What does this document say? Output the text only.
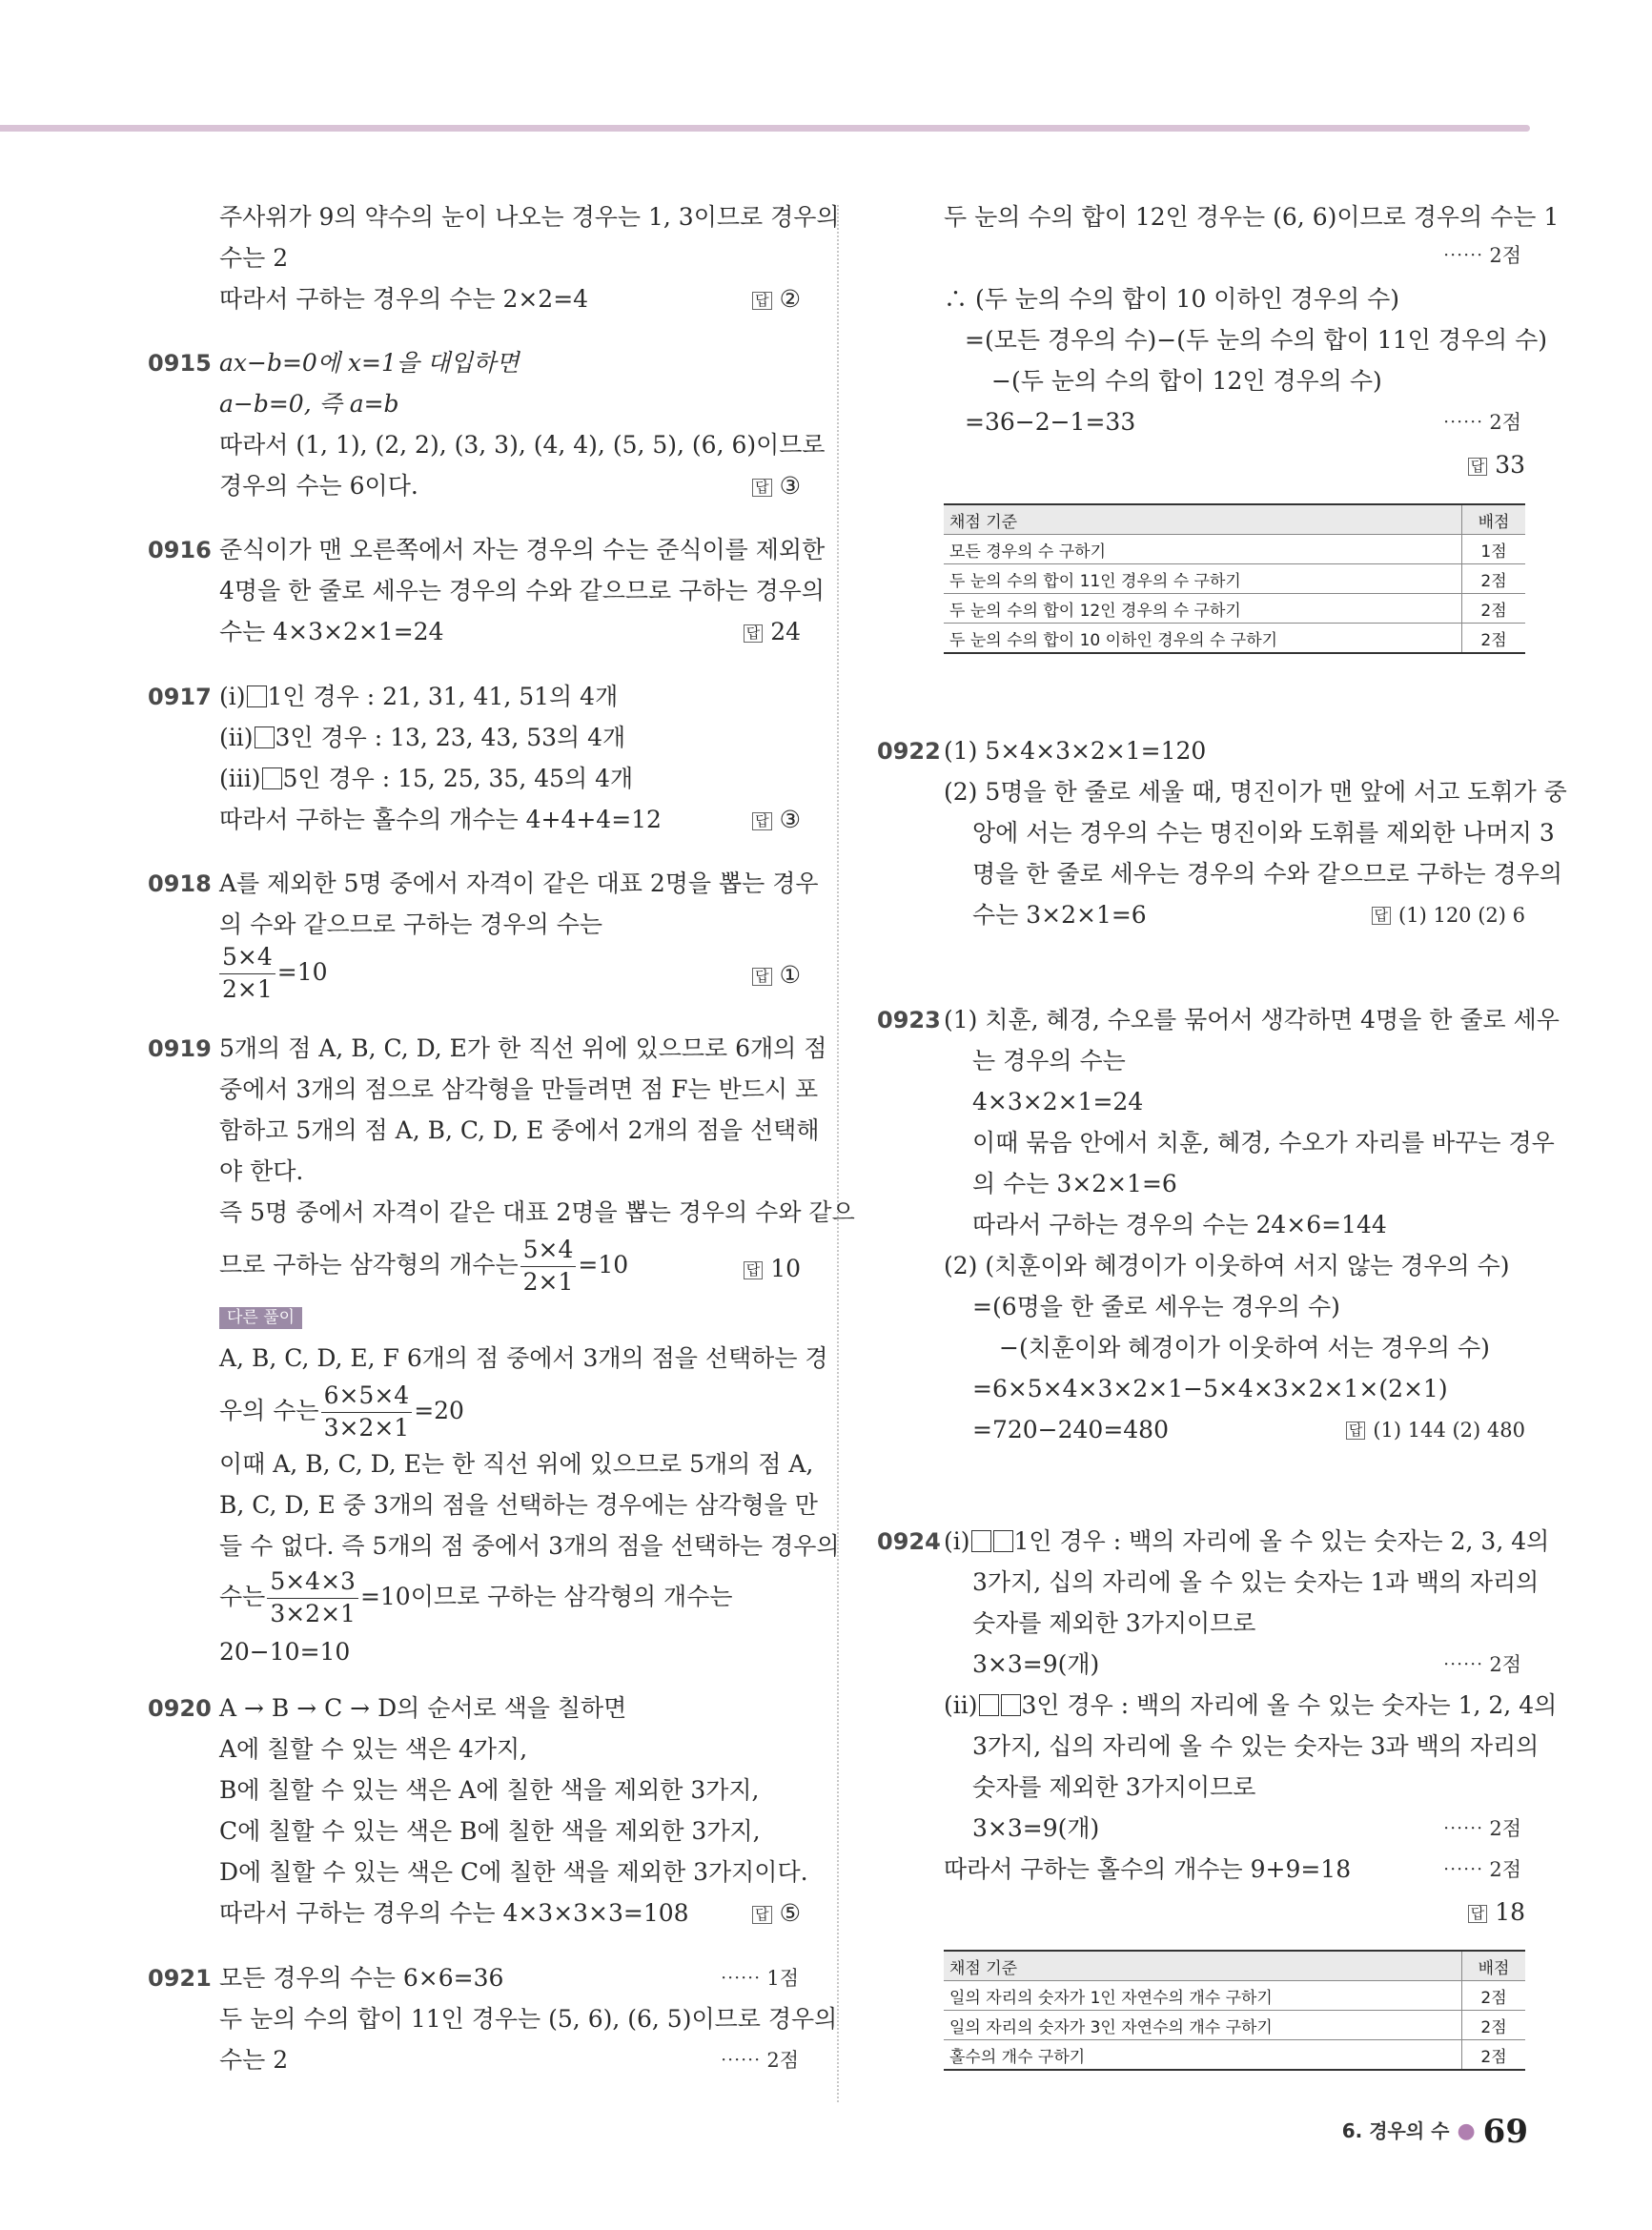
주사위가 9의 약수의 눈이 나오는 경우는 1, 3이므로 경우의
수는 2
따라서 구하는 경우의 수는 2×2=4	답 ②
0915 ax−b=0에 x=1을 대입하면
a−b=0, 즉 a=b
따라서 (1, 1), (2, 2), (3, 3), (4, 4), (5, 5), (6, 6)이므로
경우의 수는 6이다.	답 ③
0916 준식이가 맨 오른쪽에서 자는 경우의 수는 준식이를 제외한
4명을 한 줄로 세우는 경우의 수와 같으므로 구하는 경우의
수는 4×3×2×1=24	답 24
0917 (i) 1인 경우 : 21, 31, 41, 51의 4개
(ii) 3인 경우 : 13, 23, 43, 53의 4개
(iii) 5인 경우 : 15, 25, 35, 45의 4개
따라서 구하는 홀수의 개수는 4+4+4=12	답 ③
0918 A를 제외한 5명 중에서 자격이 같은 대표 2명을 뽑는 경우
의 수와 같으므로 구하는 경우의 수는
$\frac{5\times 4}{2\times 1} =10$	답 ①
0919 5개의 점 A, B, C, D, E가 한 직선 위에 있으므로 6개의 점
중에서 3개의 점으로 삼각형을 만들려면 점 F는 반드시 포
함하고 5개의 점 A, B, C, D, E 중에서 2개의 점을 선택해
야 한다.
즉 5명 중에서 자격이 같은 대표 2명을 뽑는 경우의 수와 같으
므로 구하는 삼각형의 개수는 $\frac{5\times 4}{2\times 1} =10$	답 10
다른 풀이
A, B, C, D, E, F 6개의 점 중에서 3개의 점을 선택하는 경
우의 수는 $\frac{6\times 5\times 4}{3\times 2\times 1} =20$
이때 A, B, C, D, E는 한 직선 위에 있으므로 5개의 점 A,
B, C, D, E 중 3개의 점을 선택하는 경우에는 삼각형을 만
들 수 없다. 즉 5개의 점 중에서 3개의 점을 선택하는 경우의
수는 $\frac{5\times 4\times 3}{3\times 2\times 1} =10$이므로 구하는 삼각형의 개수는
20−10=10
0920 A → B → C → D의 순서로 색을 칠하면
A에 칠할 수 있는 색은 4가지,
B에 칠할 수 있는 색은 A에 칠한 색을 제외한 3가지,
C에 칠할 수 있는 색은 B에 칠한 색을 제외한 3가지,
D에 칠할 수 있는 색은 C에 칠한 색을 제외한 3가지이다.
따라서 구하는 경우의 수는 4×3×3×3=108	답 ⑤
0921 모든 경우의 수는 6×6=36	⋯⋯ 1점
두 눈의 수의 합이 11인 경우는 (5, 6), (6, 5)이므로 경우의
수는 2	⋯⋯ 2점
두 눈의 수의 합이 12인 경우는 (6, 6)이므로 경우의 수는 1
⋯⋯ 2점
∴ (두 눈의 수의 합이 10 이하인 경우의 수)
=(모든 경우의 수)−(두 눈의 수의 합이 11인 경우의 수)
−(두 눈의 수의 합이 12인 경우의 수)
=36−2−1=33	⋯⋯ 2점
답 33
채점 기준	배점
모든 경우의 수 구하기	1점
두 눈의 수의 합이 11인 경우의 수 구하기	2점
두 눈의 수의 합이 12인 경우의 수 구하기	2점
두 눈의 수의 합이 10 이하인 경우의 수 구하기	2점
0922 (1) 5×4×3×2×1=120
(2) 5명을 한 줄로 세울 때, 명진이가 맨 앞에 서고 도휘가 중
앙에 서는 경우의 수는 명진이와 도휘를 제외한 나머지 3
명을 한 줄로 세우는 경우의 수와 같으므로 구하는 경우의
수는 3×2×1=6	답 (1) 120 (2) 6
0923 (1) 치훈, 혜경, 수오를 묶어서 생각하면 4명을 한 줄로 세우
는 경우의 수는
4×3×2×1=24
이때 묶음 안에서 치훈, 혜경, 수오가 자리를 바꾸는 경우
의 수는 3×2×1=6
따라서 구하는 경우의 수는 24×6=144
(2) (치훈이와 혜경이가 이웃하여 서지 않는 경우의 수)
=(6명을 한 줄로 세우는 경우의 수)
−(치훈이와 혜경이가 이웃하여 서는 경우의 수)
=6×5×4×3×2×1−5×4×3×2×1×(2×1)
=720−240=480	답 (1) 144 (2) 480
0924 (i) 1인 경우 : 백의 자리에 올 수 있는 숫자는 2, 3, 4의
3가지, 십의 자리에 올 수 있는 숫자는 1과 백의 자리의
숫자를 제외한 3가지이므로
3×3=9(개)	⋯⋯ 2점
(ii) 3인 경우 : 백의 자리에 올 수 있는 숫자는 1, 2, 4의
3가지, 십의 자리에 올 수 있는 숫자는 3과 백의 자리의
숫자를 제외한 3가지이므로
3×3=9(개)	⋯⋯ 2점
따라서 구하는 홀수의 개수는 9+9=18	⋯⋯ 2점
답 18
채점 기준	배점
일의 자리의 숫자가 1인 자연수의 개수 구하기	2점
일의 자리의 숫자가 3인 자연수의 개수 구하기	2점
홀수의 개수 구하기	2점
$^{6. 경우의 수}$ ● 69
